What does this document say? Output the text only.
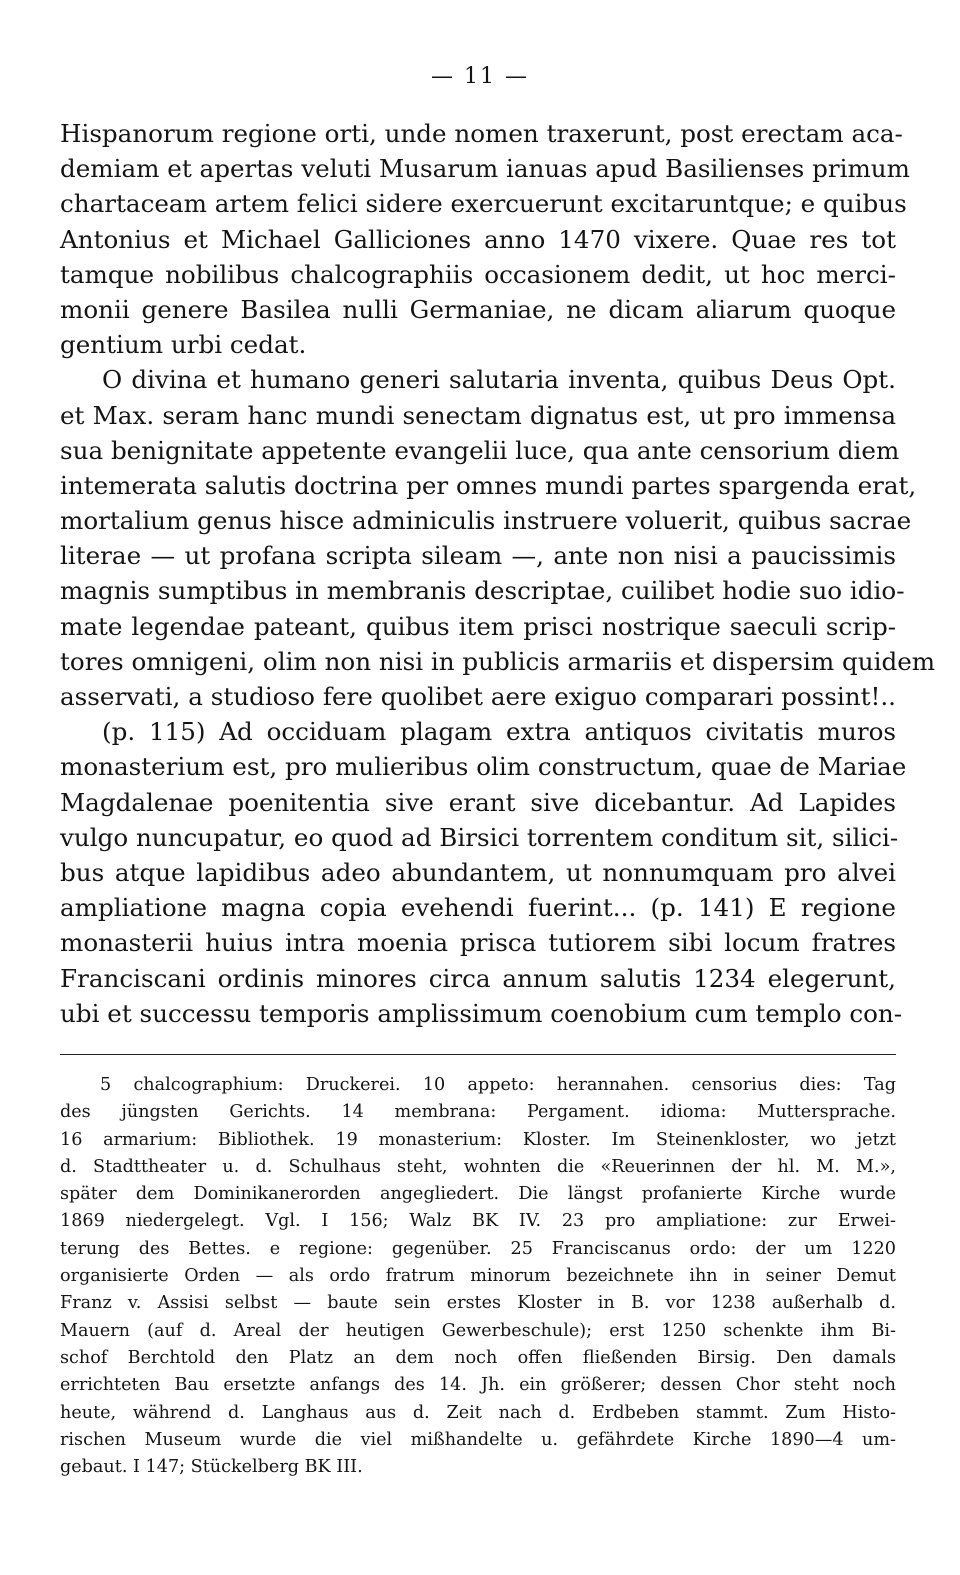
— 11 —
Hispanorum regione orti, unde nomen traxerunt, post erectam aca-
demiam et apertas veluti Musarum ianuas apud Basilienses primum
chartaceam artem felici sidere exercuerunt excitaruntque; e quibus
Antonius et Michael Galliciones anno 1470 vixere. Quae res tot
tamque nobilibus chalcographiis occasionem dedit, ut hoc merci-
monii genere Basilea nulli Germaniae, ne dicam aliarum quoque
gentium urbi cedat.
O divina et humano generi salutaria inventa, quibus Deus Opt.
et Max. seram hanc mundi senectam dignatus est, ut pro immensa
sua benignitate appetente evangelii luce, qua ante censorium diem
intemerata salutis doctrina per omnes mundi partes spargenda erat,
mortalium genus hisce adminiculis instruere voluerit, quibus sacrae
literae — ut profana scripta sileam —, ante non nisi a paucissimis
magnis sumptibus in membranis descriptae, cuilibet hodie suo idio-
mate legendae pateant, quibus item prisci nostrique saeculi scrip-
tores omnigeni, olim non nisi in publicis armariis et dispersim quidem
asservati, a studioso fere quolibet aere exiguo comparari possint!..
(p. 115) Ad occiduam plagam extra antiquos civitatis muros
monasterium est, pro mulieribus olim constructum, quae de Mariae
Magdalenae poenitentia sive erant sive dicebantur. Ad Lapides
vulgo nuncupatur, eo quod ad Birsici torrentem conditum sit, silici-
bus atque lapidibus adeo abundantem, ut nonnumquam pro alvei
ampliatione magna copia evehendi fuerint... (p. 141) E regione
monasterii huius intra moenia prisca tutiorem sibi locum fratres
Franciscani ordinis minores circa annum salutis 1234 elegerunt,
ubi et successu temporis amplissimum coenobium cum templo con-
5 chalcographium: Druckerei. 10 appeto: herannahen. censorius dies: Tag
des jüngsten Gerichts. 14 membrana: Pergament. idioma: Muttersprache.
16 armarium: Bibliothek. 19 monasterium: Kloster. Im Steinenkloster, wo jetzt
d. Stadttheater u. d. Schulhaus steht, wohnten die «Reuerinnen der hl. M. M.»,
später dem Dominikanerorden angegliedert. Die längst profanierte Kirche wurde
1869 niedergelegt. Vgl. I 156; Walz BK IV. 23 pro ampliatione: zur Erwei-
terung des Bettes. e regione: gegenüber. 25 Franciscanus ordo: der um 1220
organisierte Orden — als ordo fratrum minorum bezeichnete ihn in seiner Demut
Franz v. Assisi selbst — baute sein erstes Kloster in B. vor 1238 außerhalb d.
Mauern (auf d. Areal der heutigen Gewerbeschule); erst 1250 schenkte ihm Bi-
schof Berchtold den Platz an dem noch offen fließenden Birsig. Den damals
errichteten Bau ersetzte anfangs des 14. Jh. ein größerer; dessen Chor steht noch
heute, während d. Langhaus aus d. Zeit nach d. Erdbeben stammt. Zum Histo-
rischen Museum wurde die viel mißhandelte u. gefährdete Kirche 1890—4 um-
gebaut. I 147; Stückelberg BK III.
